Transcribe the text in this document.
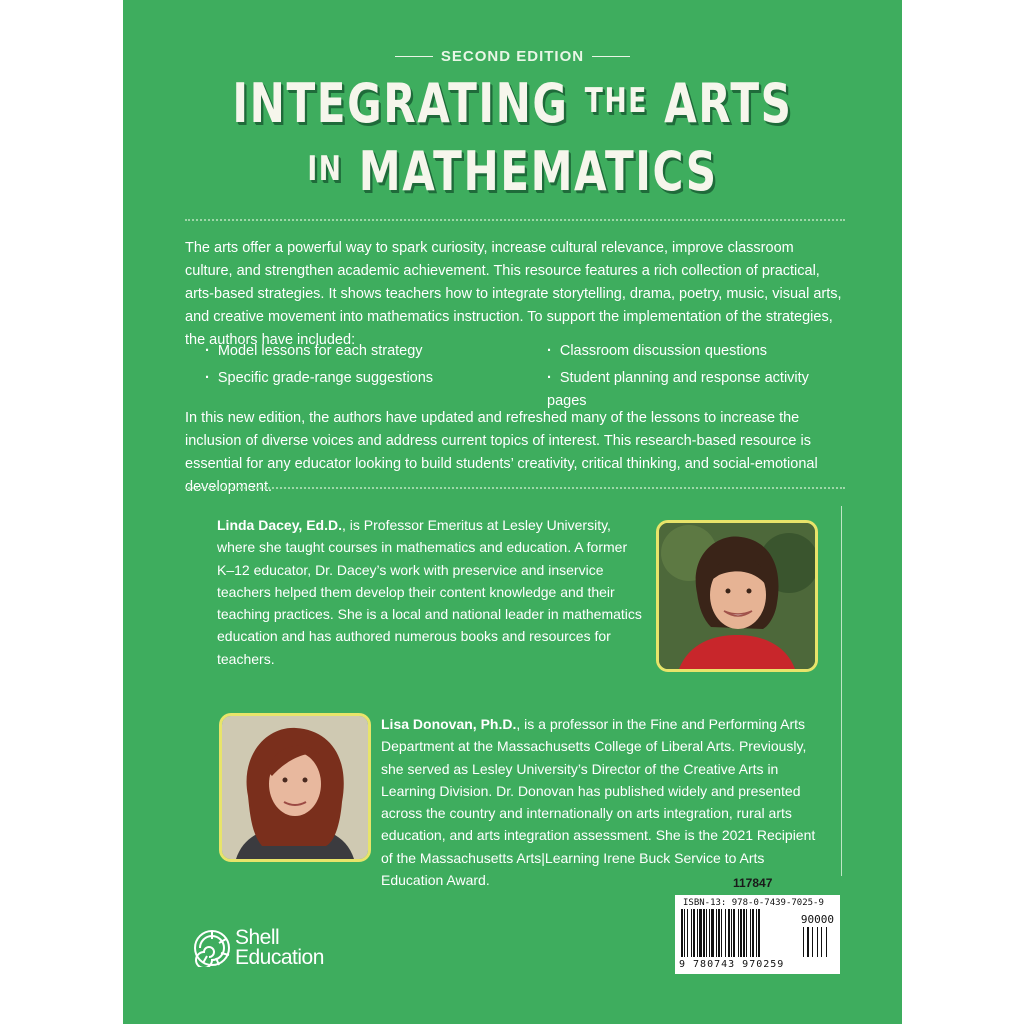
SECOND EDITION
INTEGRATING THE ARTS
IN MATHEMATICS
The arts offer a powerful way to spark curiosity, increase cultural relevance, improve classroom culture, and strengthen academic achievement. This resource features a rich collection of practical, arts-based strategies. It shows teachers how to integrate storytelling, drama, poetry, music, visual arts, and creative movement into mathematics instruction. To support the implementation of the strategies, the authors have included:
· Model lessons for each strategy	· Classroom discussion questions
· Specific grade-range suggestions	· Student planning and response activity pages
In this new edition, the authors have updated and refreshed many of the lessons to increase the inclusion of diverse voices and address current topics of interest. This research-based resource is essential for any educator looking to build students’ creativity, critical thinking, and social-emotional development.
Linda Dacey, Ed.D., is Professor Emeritus at Lesley University, where she taught courses in mathematics and education. A former K–12 educator, Dr. Dacey’s work with preservice and inservice teachers helped them develop their content knowledge and their teaching practices. She is a local and national leader in mathematics education and has authored numerous books and resources for teachers.
Lisa Donovan, Ph.D., is a professor in the Fine and Performing Arts Department at the Massachusetts College of Liberal Arts. Previously, she served as Lesley University’s Director of the Creative Arts in Learning Division. Dr. Donovan has published widely and presented across the country and internationally on arts integration, rural arts education, and arts integration assessment. She is the 2021 Recipient of the Massachusetts Arts|Learning Irene Buck Service to Arts Education Award.	117847
ISBN-13: 978-0-7439-7025-9
90000
9 780743 970259
Shell
Education
